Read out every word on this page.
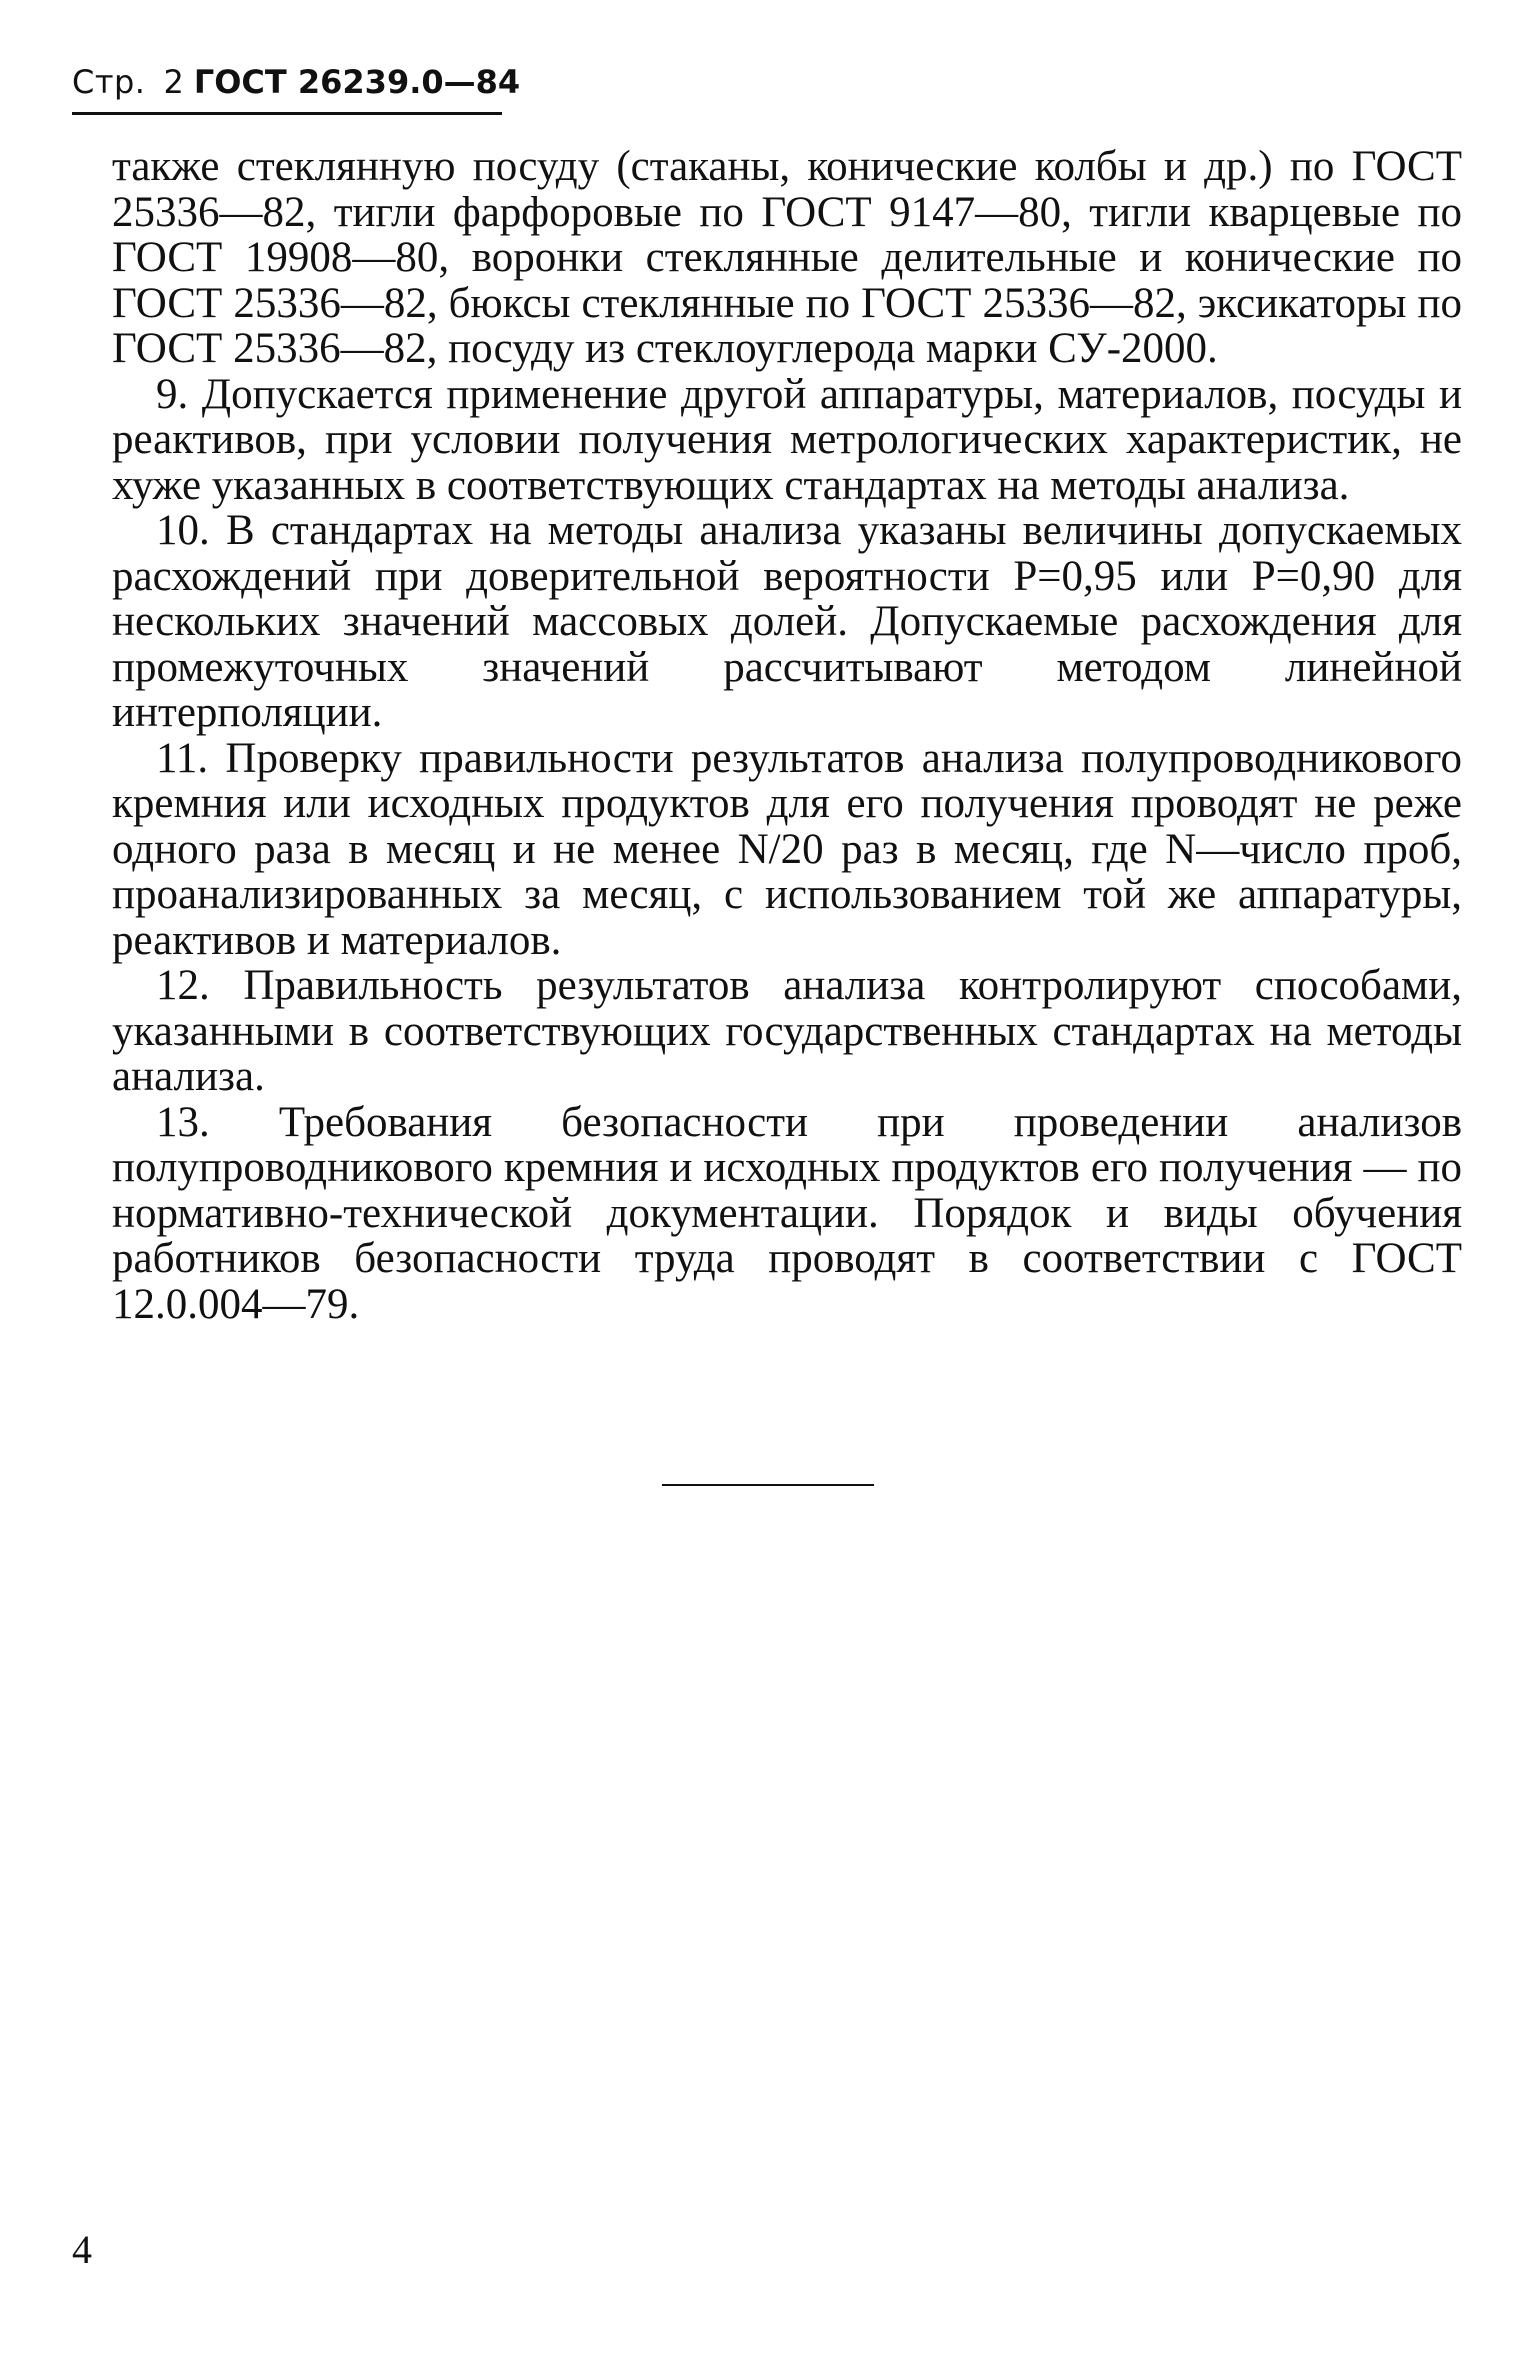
Стр. 2 ГОСТ 26239.0—84

также стеклянную посуду (стаканы, конические колбы и др.) по ГОСТ 25336—82, тигли фарфоровые по ГОСТ 9147—80, тигли кварцевые по ГОСТ 19908—80, воронки стеклянные делительные и конические по ГОСТ 25336—82, бюксы стеклянные по ГОСТ 25336—82, эксикаторы по ГОСТ 25336—82, посуду из стеклоуглерода марки СУ-2000.

9. Допускается применение другой аппаратуры, материалов, посуды и реактивов, при условии получения метрологических характеристик, не хуже указанных в соответствующих стандартах на методы анализа.

10. В стандартах на методы анализа указаны величины допускаемых расхождений при доверительной вероятности P=0,95 или P=0,90 для нескольких значений массовых долей. Допускаемые расхождения для промежуточных значений рассчитывают методом линейной интерполяции.

11. Проверку правильности результатов анализа полупроводникового кремния или исходных продуктов для его получения проводят не реже одного раза в месяц и не менее N/20 раз в месяц, где N—число проб, проанализированных за месяц, с использованием той же аппаратуры, реактивов и материалов.

12. Правильность результатов анализа контролируют способами, указанными в соответствующих государственных стандартах на методы анализа.

13. Требования безопасности при проведении анализов полупроводникового кремния и исходных продуктов его получения — по нормативно-технической документации. Порядок и виды обучения работников безопасности труда проводят в соответствии с ГОСТ 12.0.004—79.

4
